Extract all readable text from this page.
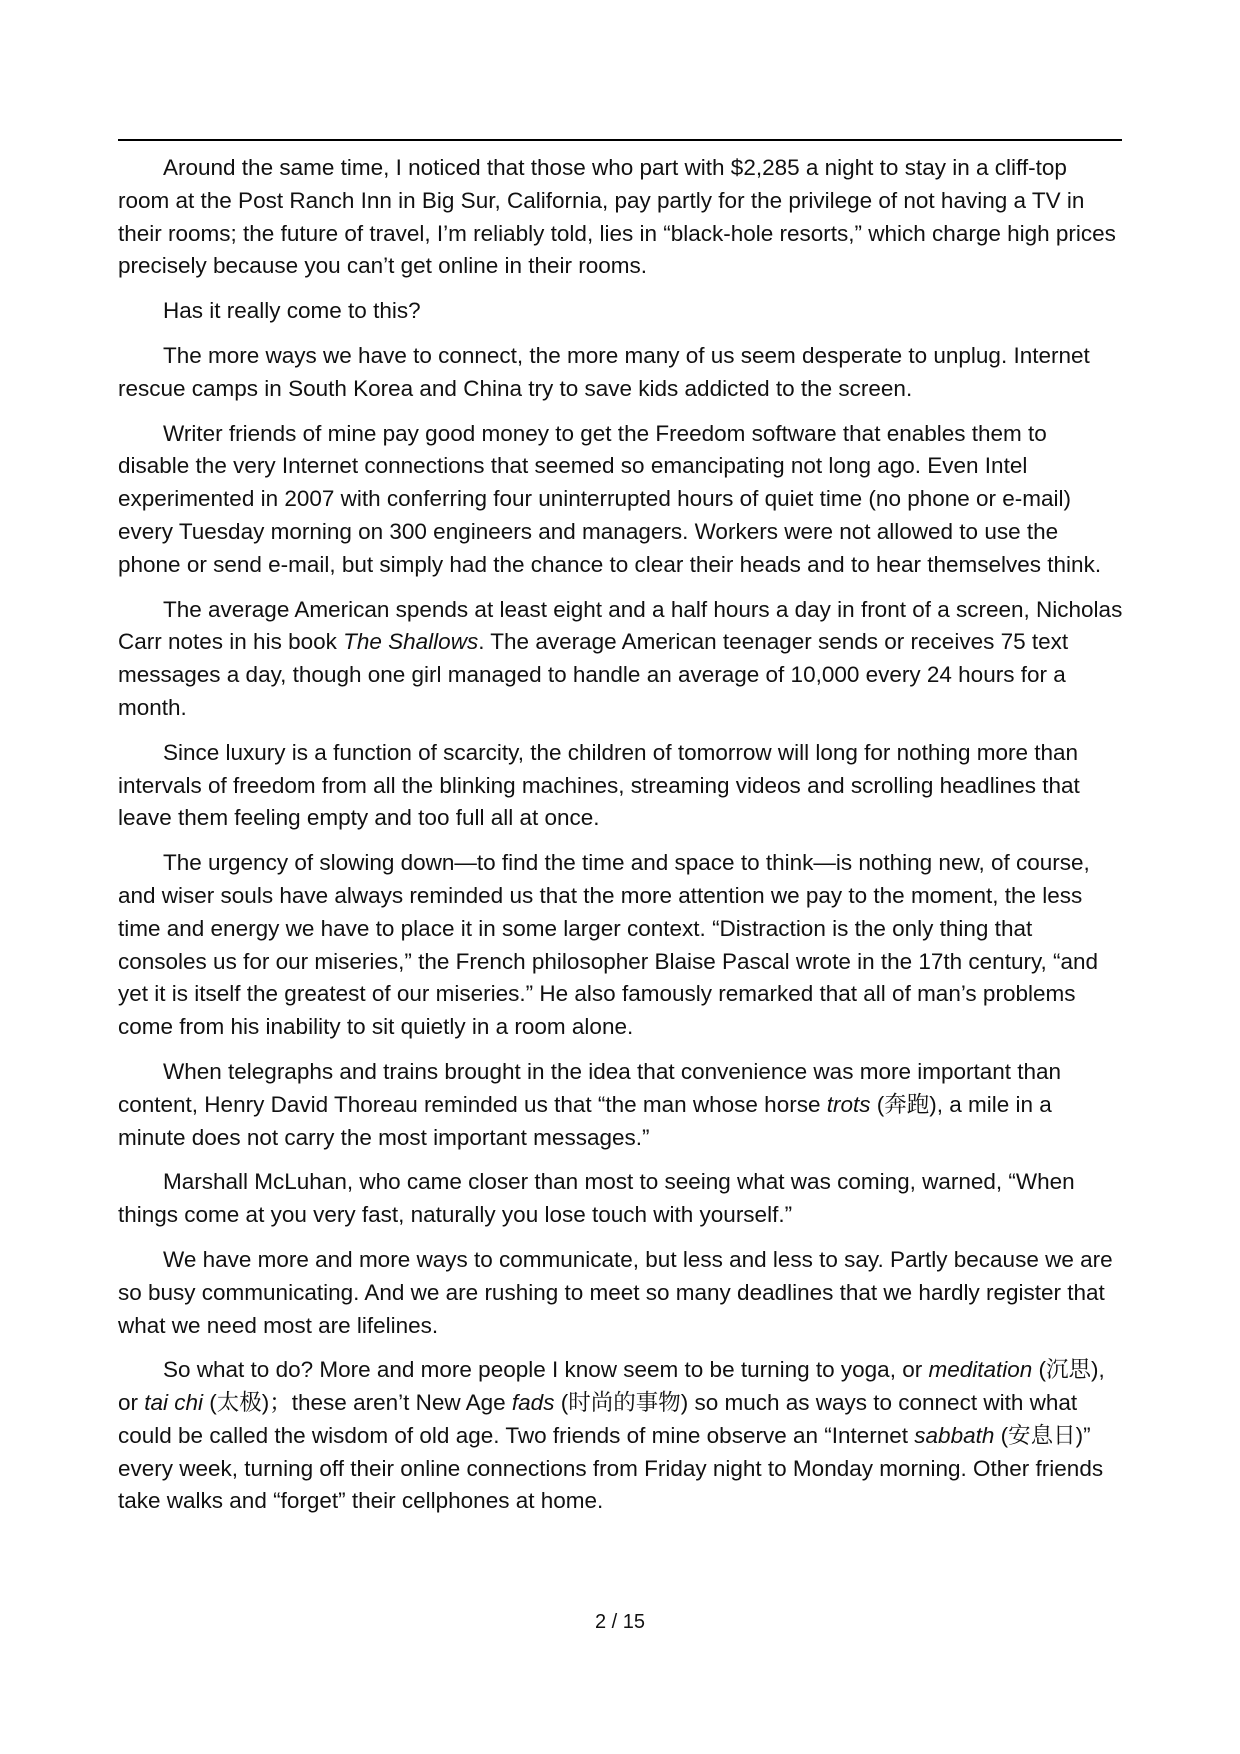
Around the same time, I noticed that those who part with $2,285 a night to stay in a cliff-top room at the Post Ranch Inn in Big Sur, California, pay partly for the privilege of not having a TV in their rooms; the future of travel, I’m reliably told, lies in “black-hole resorts,” which charge high prices precisely because you can’t get online in their rooms.

Has it really come to this?

The more ways we have to connect, the more many of us seem desperate to unplug. Internet rescue camps in South Korea and China try to save kids addicted to the screen.

Writer friends of mine pay good money to get the Freedom software that enables them to disable the very Internet connections that seemed so emancipating not long ago. Even Intel experimented in 2007 with conferring four uninterrupted hours of quiet time (no phone or e-mail) every Tuesday morning on 300 engineers and managers. Workers were not allowed to use the phone or send e-mail, but simply had the chance to clear their heads and to hear themselves think.

The average American spends at least eight and a half hours a day in front of a screen, Nicholas Carr notes in his book The Shallows. The average American teenager sends or receives 75 text messages a day, though one girl managed to handle an average of 10,000 every 24 hours for a month.

Since luxury is a function of scarcity, the children of tomorrow will long for nothing more than intervals of freedom from all the blinking machines, streaming videos and scrolling headlines that leave them feeling empty and too full all at once.

The urgency of slowing down—to find the time and space to think—is nothing new, of course, and wiser souls have always reminded us that the more attention we pay to the moment, the less time and energy we have to place it in some larger context. “Distraction is the only thing that consoles us for our miseries,” the French philosopher Blaise Pascal wrote in the 17th century, “and yet it is itself the greatest of our miseries.” He also famously remarked that all of man’s problems come from his inability to sit quietly in a room alone.

When telegraphs and trains brought in the idea that convenience was more important than content, Henry David Thoreau reminded us that “the man whose horse trots (奔跑), a mile in a minute does not carry the most important messages.”

Marshall McLuhan, who came closer than most to seeing what was coming, warned, “When things come at you very fast, naturally you lose touch with yourself.”

We have more and more ways to communicate, but less and less to say. Partly because we are so busy communicating. And we are rushing to meet so many deadlines that we hardly register that what we need most are lifelines.

So what to do? More and more people I know seem to be turning to yoga, or meditation (沉思), or tai chi (太极)；these aren’t New Age fads (时尚的事物) so much as ways to connect with what could be called the wisdom of old age. Two friends of mine observe an “Internet sabbath (安息日)” every week, turning off their online connections from Friday night to Monday morning. Other friends take walks and “forget” their cellphones at home.

2 / 15
